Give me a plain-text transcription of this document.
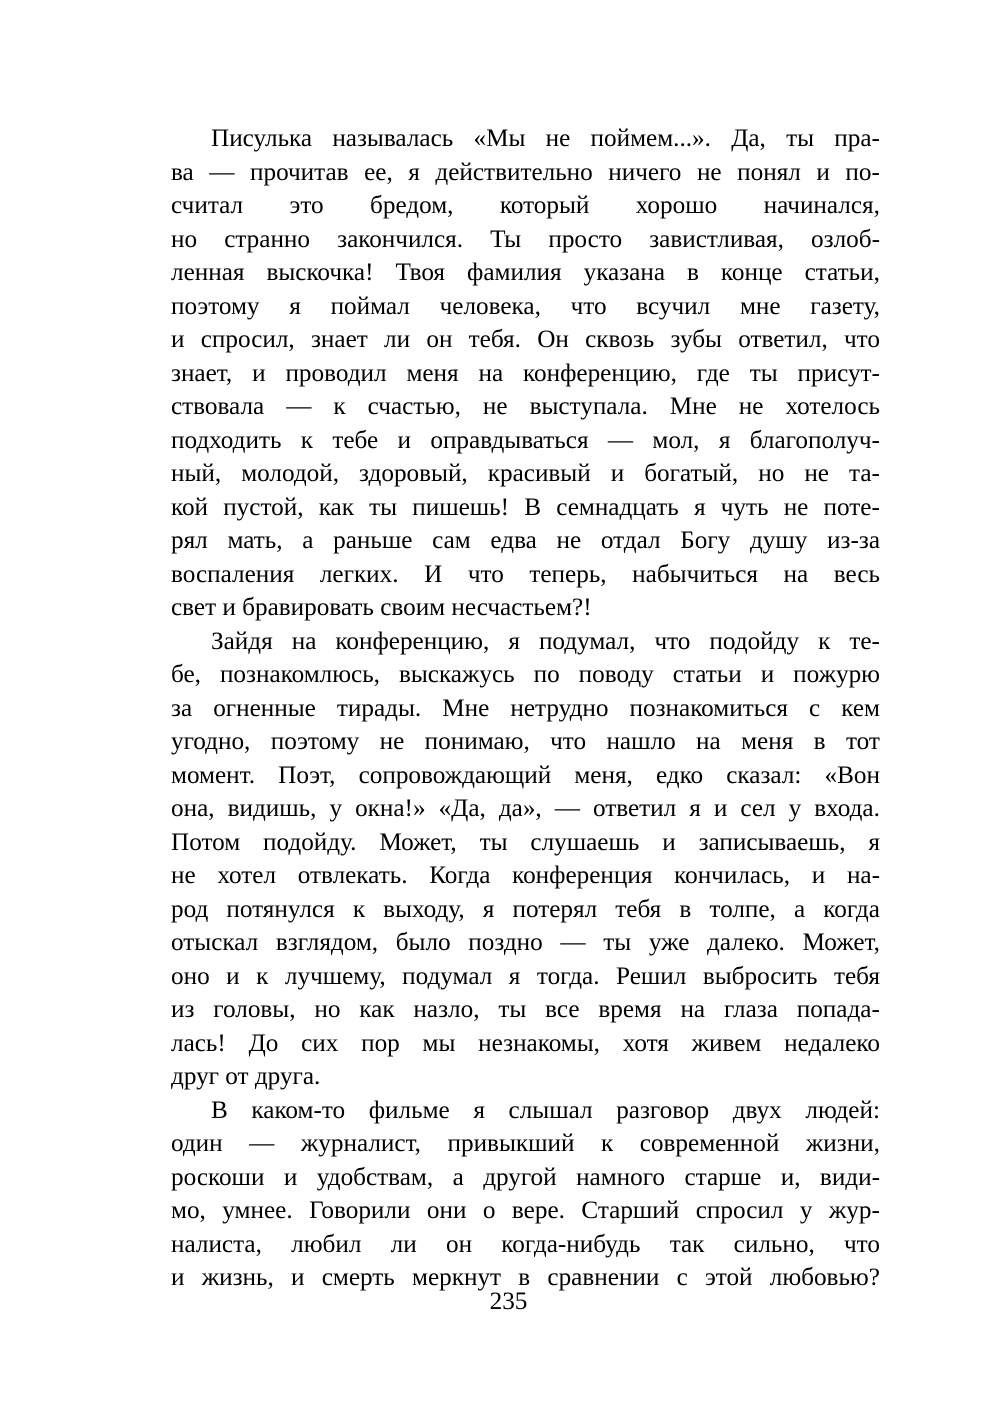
Писулька называлась «Мы не поймем...». Да, ты пра-
ва — прочитав ее, я действительно ничего не понял и по-
считал это бредом, который хорошо начинался,
но странно закончился. Ты просто завистливая, озлоб-
ленная выскочка! Твоя фамилия указана в конце статьи,
поэтому я поймал человека, что всучил мне газету,
и спросил, знает ли он тебя. Он сквозь зубы ответил, что
знает, и проводил меня на конференцию, где ты присут-
ствовала — к счастью, не выступала. Мне не хотелось
подходить к тебе и оправдываться — мол, я благополуч-
ный, молодой, здоровый, красивый и богатый, но не та-
кой пустой, как ты пишешь! В семнадцать я чуть не поте-
рял мать, а раньше сам едва не отдал Богу душу из-за
воспаления легких. И что теперь, набычиться на весь
свет и бравировать своим несчастьем?!

Зайдя на конференцию, я подумал, что подойду к те-
бе, познакомлюсь, выскажусь по поводу статьи и пожурю
за огненные тирады. Мне нетрудно познакомиться с кем
угодно, поэтому не понимаю, что нашло на меня в тот
момент. Поэт, сопровождающий меня, едко сказал: «Вон
она, видишь, у окна!» «Да, да», — ответил я и сел у входа.
Потом подойду. Может, ты слушаешь и записываешь, я
не хотел отвлекать. Когда конференция кончилась, и на-
род потянулся к выходу, я потерял тебя в толпе, а когда
отыскал взглядом, было поздно — ты уже далеко. Может,
оно и к лучшему, подумал я тогда. Решил выбросить тебя
из головы, но как назло, ты все время на глаза попада-
лась! До сих пор мы незнакомы, хотя живем недалеко
друг от друга.

В каком-то фильме я слышал разговор двух людей:
один — журналист, привыкший к современной жизни,
роскоши и удобствам, а другой намного старше и, види-
мо, умнее. Говорили они о вере. Старший спросил у жур-
налиста, любил ли он когда-нибудь так сильно, что
и жизнь, и смерть меркнут в сравнении с этой любовью?

235
